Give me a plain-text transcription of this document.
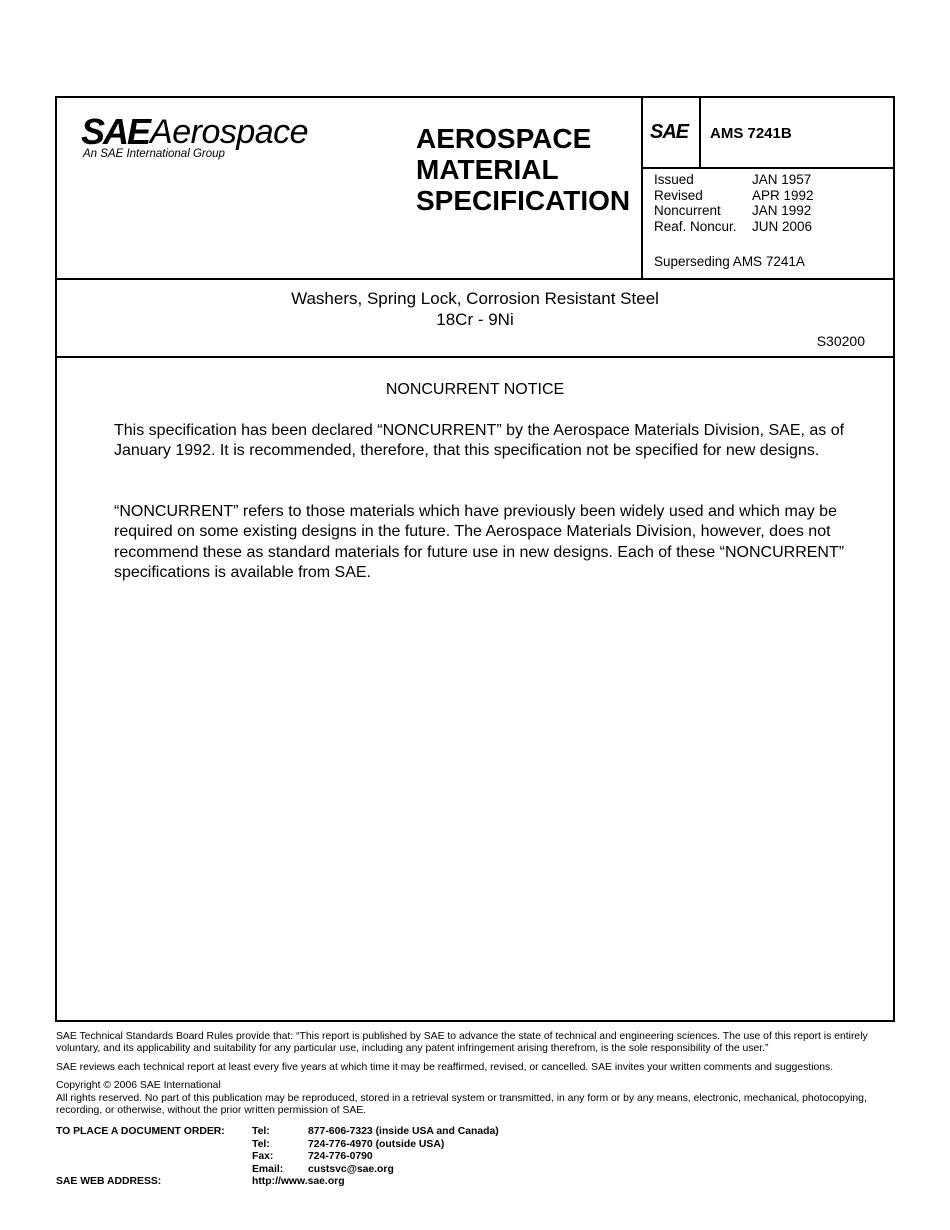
SAE Aerospace
An SAE International Group	AEROSPACE
MATERIAL
SPECIFICATION
SAE AMS 7241B
Issued	JAN 1957
Revised	APR 1992
Noncurrent	JAN 1992
Reaf. Noncur.	JUN 2006
Superseding AMS 7241A
Washers, Spring Lock, Corrosion Resistant Steel
18Cr - 9Ni
S30200
NONCURRENT NOTICE
This specification has been declared “NONCURRENT” by the Aerospace Materials Division, SAE, as of January 1992. It is recommended, therefore, that this specification not be specified for new designs.
“NONCURRENT” refers to those materials which have previously been widely used and which may be required on some existing designs in the future. The Aerospace Materials Division, however, does not recommend these as standard materials for future use in new designs. Each of these “NONCURRENT” specifications is available from SAE.
SAE Technical Standards Board Rules provide that: “This report is published by SAE to advance the state of technical and engineering sciences. The use of this report is entirely voluntary, and its applicability and suitability for any particular use, including any patent infringement arising therefrom, is the sole responsibility of the user.”
SAE reviews each technical report at least every five years at which time it may be reaffirmed, revised, or cancelled. SAE invites your written comments and suggestions.
Copyright © 2006 SAE International
All rights reserved. No part of this publication may be reproduced, stored in a retrieval system or transmitted, in any form or by any means, electronic, mechanical, photocopying, recording, or otherwise, without the prior written permission of SAE.
TO PLACE A DOCUMENT ORDER:	Tel:	877-606-7323 (inside USA and Canada)
Tel:	724-776-4970 (outside USA)
Fax:	724-776-0790
Email: custsvc@sae.org
SAE WEB ADDRESS:	http://www.sae.org
